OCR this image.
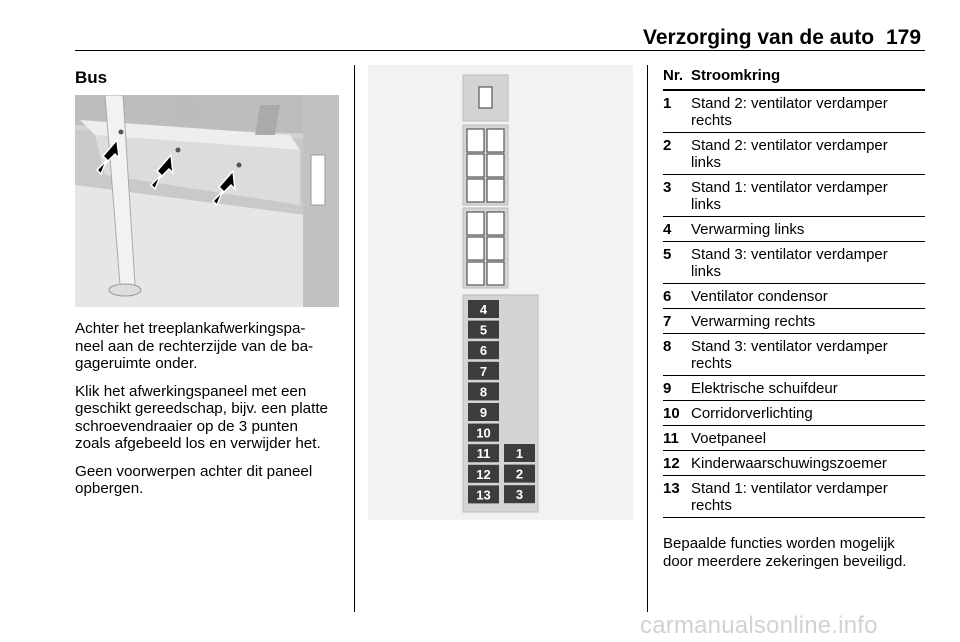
Verzorging van de auto 179
Bus

Achter het treeplankafwerkingspa-
neel aan de rechterzijde van de ba-
gageruimte onder.

Klik het afwerkingspaneel met een
geschikt gereedschap, bijv. een platte
schroevendraaier op de 3 punten
zoals afgebeeld los en verwijder het.

Geen voorwerpen achter dit paneel
opbergen.

4
5
6
7
8
9
10
11
12
13
1
2
3
Nr. Stroomkring
1	Stand 2: ventilator verdamper
rechts
2	Stand 2: ventilator verdamper
links
3	Stand 1: ventilator verdamper
links
4	Verwarming links
5	Stand 3: ventilator verdamper
links
6	Ventilator condensor
7	Verwarming rechts
8	Stand 3: ventilator verdamper
rechts
9	Elektrische schuifdeur
10 Corridorverlichting
11 Voetpaneel
12 Kinderwaarschuwingszoemer
13 Stand 1: ventilator verdamper
rechts
Bepaalde functies worden mogelijk
door meerdere zekeringen beveiligd.
carmanualsonline.info
